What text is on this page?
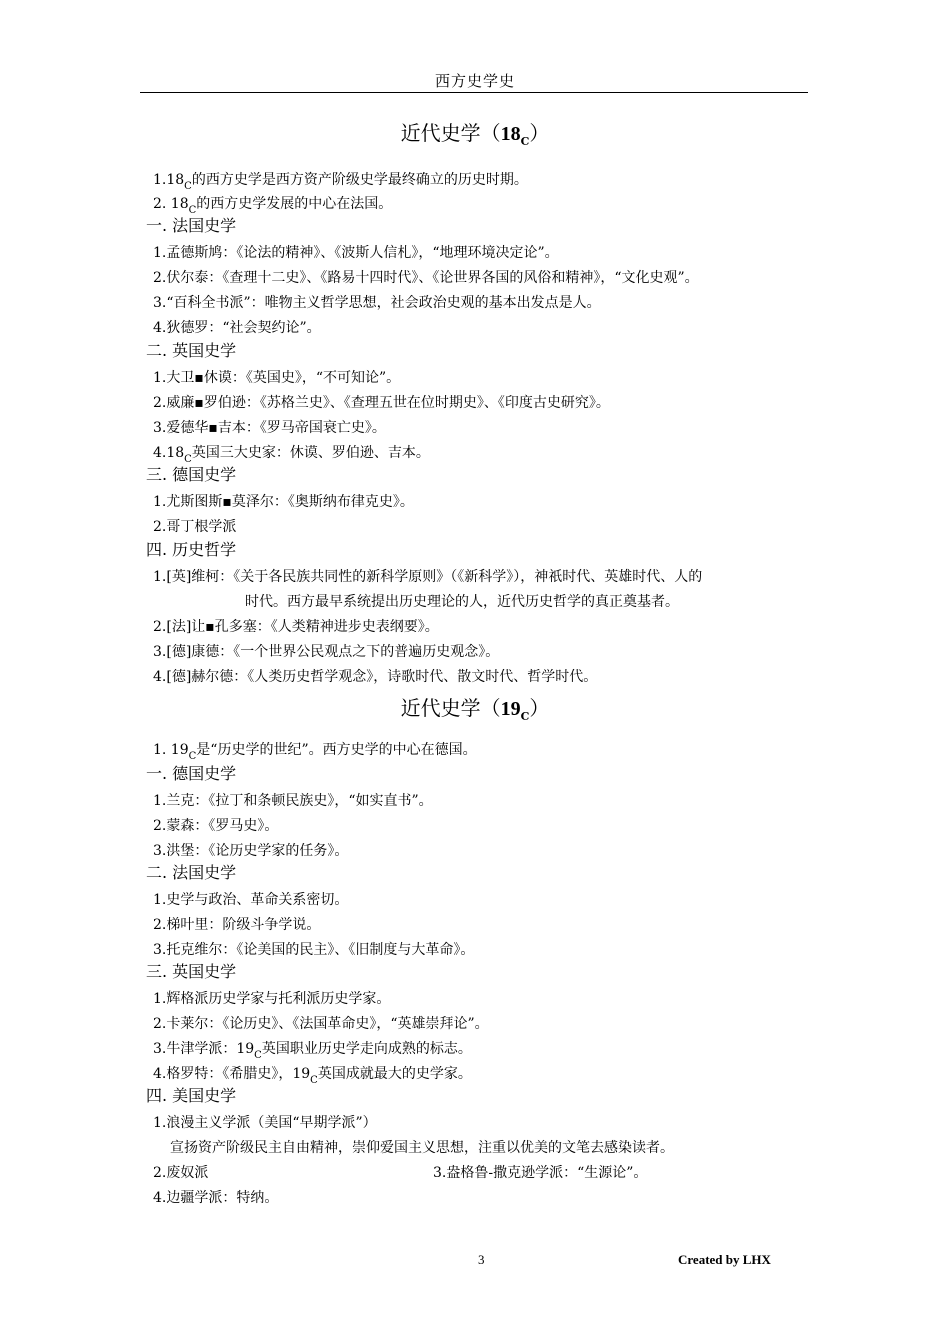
西方史学史
近代史学$(18_C)$
$1.18_C$的西方史学是西方资产阶级史学最终确立的历史时期。
2. $18_C$的西方史学发展的中心在法国。
一. 法国史学
1.孟德斯鸠：《论法的精神》、《波斯人信札》，“地理环境决定论”。
2.伏尔泰：《查理十二史》、《路易十四时代》、《论世界各国的风俗和精神》，“文化史观”。
3.“百科全书派”：唯物主义哲学思想，社会政治史观的基本出发点是人。
4.狄德罗：“社会契约论”。
二. 英国史学
1.大卫▪休谟：《英国史》，“不可知论”。
2.威廉▪罗伯逊：《苏格兰史》、《查理五世在位时期史》、《印度古史研究》。
3.爱德华▪吉本：《罗马帝国衰亡史》。
$4.18_C$英国三大史家：休谟、罗伯逊、吉本。
三. 德国史学
1.尤斯图斯▪莫泽尔：《奥斯纳布律克史》。
2.哥丁根学派
四. 历史哲学
1.[英]维柯：《关于各民族共同性的新科学原则》（《新科学》），神祇时代、英雄时代、人的
时代。西方最早系统提出历史理论的人，近代历史哲学的真正奠基者。
2.[法]让▪孔多塞：《人类精神进步史表纲要》。
3.[德]康德：《一个世界公民观点之下的普遍历史观念》。
4.[德]赫尔德：《人类历史哲学观念》，诗歌时代、散文时代、哲学时代。
近代史学$(19_C)$
1. $19_C$是“历史学的世纪”。西方史学的中心在德国。
一. 德国史学
1.兰克：《拉丁和条顿民族史》，“如实直书”。
2.蒙森：《罗马史》。
3.洪堡：《论历史学家的任务》。
二. 法国史学
1.史学与政治、革命关系密切。
2.梯叶里：阶级斗争学说。
3.托克维尔：《论美国的民主》、《旧制度与大革命》。
三. 英国史学
1.辉格派历史学家与托利派历史学家。
2.卡莱尔：《论历史》、《法国革命史》，“英雄崇拜论”。
3.牛津学派：$19_C$英国职业历史学走向成熟的标志。
4.格罗特：《希腊史》，$19_C$英国成就最大的史学家。
四. 美国史学
1.浪漫主义学派（美国“早期学派”）
宣扬资产阶级民主自由精神，崇仰爱国主义思想，注重以优美的文笔去感染读者。
2.废奴派	3.盎格鲁-撒克逊学派：“生源论”。
4.边疆学派：特纳。
3	Created by LHX
